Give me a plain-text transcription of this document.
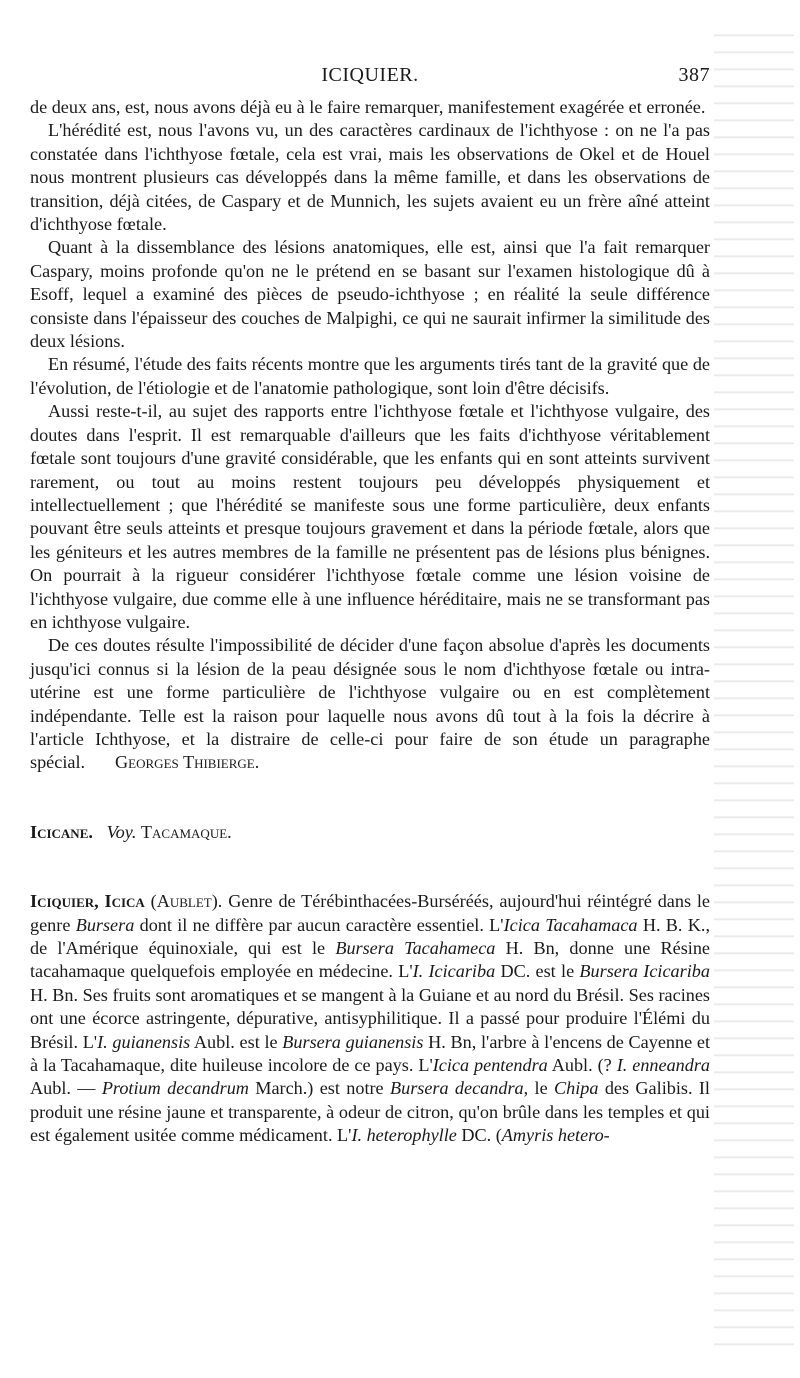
ICIQUIER.	387

de deux ans, est, nous avons déjà eu à le faire remarquer, manifestement exagérée et erronée.

L'hérédité est, nous l'avons vu, un des caractères cardinaux de l'ichthyose : on ne l'a pas constatée dans l'ichthyose fœtale, cela est vrai, mais les observations de Okel et de Houel nous montrent plusieurs cas développés dans la même famille, et dans les observations de transition, déjà citées, de Caspary et de Munnich, les sujets avaient eu un frère aîné atteint d'ichthyose fœtale.

Quant à la dissemblance des lésions anatomiques, elle est, ainsi que l'a fait remarquer Caspary, moins profonde qu'on ne le prétend en se basant sur l'examen histologique dû à Esoff, lequel a examiné des pièces de pseudo-ichthyose ; en réalité la seule différence consiste dans l'épaisseur des couches de Malpighi, ce qui ne saurait infirmer la similitude des deux lésions.

En résumé, l'étude des faits récents montre que les arguments tirés tant de la gravité que de l'évolution, de l'étiologie et de l'anatomie pathologique, sont loin d'être décisifs.

Aussi reste-t-il, au sujet des rapports entre l'ichthyose fœtale et l'ichthyose vulgaire, des doutes dans l'esprit. Il est remarquable d'ailleurs que les faits d'ichthyose véritablement fœtale sont toujours d'une gravité considérable, que les enfants qui en sont atteints survivent rarement, ou tout au moins restent toujours peu développés physiquement et intellectuellement ; que l'hérédité se manifeste sous une forme particulière, deux enfants pouvant être seuls atteints et presque toujours gravement et dans la période fœtale, alors que les géniteurs et les autres membres de la famille ne présentent pas de lésions plus bénignes. On pourrait à la rigueur considérer l'ichthyose fœtale comme une lésion voisine de l'ichthyose vulgaire, due comme elle à une influence héréditaire, mais ne se transformant pas en ichthyose vulgaire.

De ces doutes résulte l'impossibilité de décider d'une façon absolue d'après les documents jusqu'ici connus si la lésion de la peau désignée sous le nom d'ichthyose fœtale ou intra-utérine est une forme particulière de l'ichthyose vulgaire ou en est complètement indépendante. Telle est la raison pour laquelle nous avons dû tout à la fois la décrire à l'article Ichthyose, et la distraire de celle-ci pour faire de son étude un paragraphe spécial. Georges Thibierge.

Icicane. Voy. Tacamaque.

Iciquier, Icica (Aublet). Genre de Térébinthacées-Burséréés, aujourd'hui réintégré dans le genre Bursera dont il ne diffère par aucun caractère essentiel. L'Icica Tacahamaca H. B. K., de l'Amérique équinoxiale, qui est le Bursera Tacahameca H. Bn, donne une Résine tacahamaque quelquefois employée en médecine. L'I. Icicariba DC. est le Bursera Icicariba H. Bn. Ses fruits sont aromatiques et se mangent à la Guiane et au nord du Brésil. Ses racines ont une écorce astringente, dépurative, antisyphilitique. Il a passé pour produire l'Élémi du Brésil. L'I. guianensis Aubl. est le Bursera guianensis H. Bn, l'arbre à l'encens de Cayenne et à la Tacahamaque, dite huileuse incolore de ce pays. L'Icica pentendra Aubl. (? I. enneandra Aubl. — Protium decandrum March.) est notre Bursera decandra, le Chipa des Galibis. Il produit une résine jaune et transparente, à odeur de citron, qu'on brûle dans les temples et qui est également usitée comme médicament. L'I. heterophylle DC. (Amyris hetero-
